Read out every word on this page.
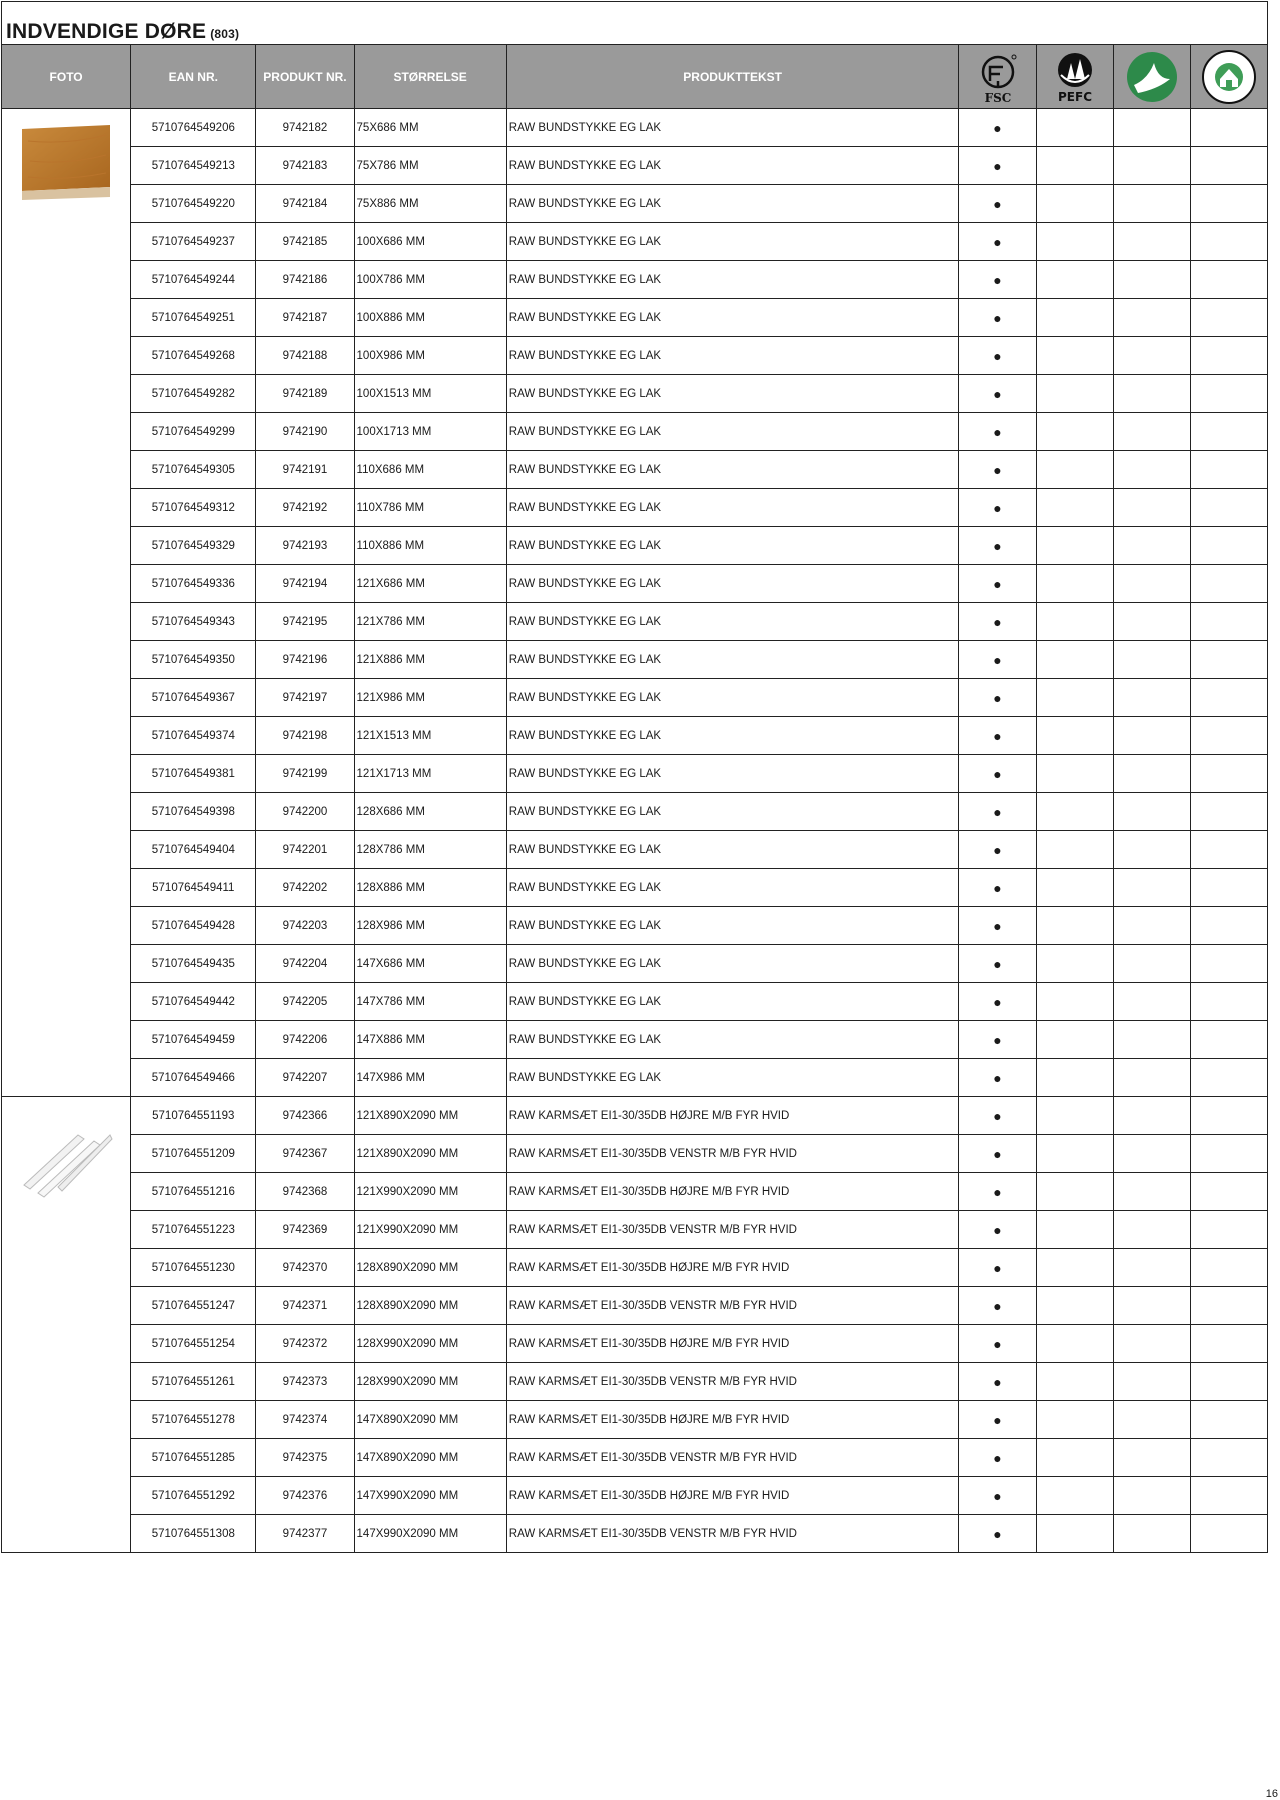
INDVENDIGE DØRE (803)
FOTO	EAN NR.	PRODUKT NR.	STØRRELSE	PRODUKTTEKST	FSC	PEFC

	5710764549206	9742182	75X686 MM	RAW BUNDSTYKKE EG LAK	●			
	5710764549213	9742183	75X786 MM	RAW BUNDSTYKKE EG LAK	●			
	5710764549220	9742184	75X886 MM	RAW BUNDSTYKKE EG LAK	●			
	5710764549237	9742185	100X686 MM	RAW BUNDSTYKKE EG LAK	●			
	5710764549244	9742186	100X786 MM	RAW BUNDSTYKKE EG LAK	●			
	5710764549251	9742187	100X886 MM	RAW BUNDSTYKKE EG LAK	●			
	5710764549268	9742188	100X986 MM	RAW BUNDSTYKKE EG LAK	●			
	5710764549282	9742189	100X1513 MM	RAW BUNDSTYKKE EG LAK	●			
	5710764549299	9742190	100X1713 MM	RAW BUNDSTYKKE EG LAK	●			
	5710764549305	9742191	110X686 MM	RAW BUNDSTYKKE EG LAK	●			
	5710764549312	9742192	110X786 MM	RAW BUNDSTYKKE EG LAK	●			
	5710764549329	9742193	110X886 MM	RAW BUNDSTYKKE EG LAK	●			
	5710764549336	9742194	121X686 MM	RAW BUNDSTYKKE EG LAK	●			
	5710764549343	9742195	121X786 MM	RAW BUNDSTYKKE EG LAK	●			
	5710764549350	9742196	121X886 MM	RAW BUNDSTYKKE EG LAK	●			
	5710764549367	9742197	121X986 MM	RAW BUNDSTYKKE EG LAK	●			
	5710764549374	9742198	121X1513 MM	RAW BUNDSTYKKE EG LAK	●			
	5710764549381	9742199	121X1713 MM	RAW BUNDSTYKKE EG LAK	●			
	5710764549398	9742200	128X686 MM	RAW BUNDSTYKKE EG LAK	●			
	5710764549404	9742201	128X786 MM	RAW BUNDSTYKKE EG LAK	●			
	5710764549411	9742202	128X886 MM	RAW BUNDSTYKKE EG LAK	●			
	5710764549428	9742203	128X986 MM	RAW BUNDSTYKKE EG LAK	●			
	5710764549435	9742204	147X686 MM	RAW BUNDSTYKKE EG LAK	●			
	5710764549442	9742205	147X786 MM	RAW BUNDSTYKKE EG LAK	●			
	5710764549459	9742206	147X886 MM	RAW BUNDSTYKKE EG LAK	●			
	5710764549466	9742207	147X986 MM	RAW BUNDSTYKKE EG LAK	●			

	5710764551193	9742366	121X890X2090 MM	RAW KARMSÆT EI1-30/35DB HØJRE M/B FYR HVID	●			
	5710764551209	9742367	121X890X2090 MM	RAW KARMSÆT EI1-30/35DB VENSTR M/B FYR HVID	●			
	5710764551216	9742368	121X990X2090 MM	RAW KARMSÆT EI1-30/35DB HØJRE M/B FYR HVID	●			
	5710764551223	9742369	121X990X2090 MM	RAW KARMSÆT EI1-30/35DB VENSTR M/B FYR HVID	●			
	5710764551230	9742370	128X890X2090 MM	RAW KARMSÆT EI1-30/35DB HØJRE M/B FYR HVID	●			
	5710764551247	9742371	128X890X2090 MM	RAW KARMSÆT EI1-30/35DB VENSTR M/B FYR HVID	●			
	5710764551254	9742372	128X990X2090 MM	RAW KARMSÆT EI1-30/35DB HØJRE M/B FYR HVID	●			
	5710764551261	9742373	128X990X2090 MM	RAW KARMSÆT EI1-30/35DB VENSTR M/B FYR HVID	●			
	5710764551278	9742374	147X890X2090 MM	RAW KARMSÆT EI1-30/35DB HØJRE M/B FYR HVID	●			
	5710764551285	9742375	147X890X2090 MM	RAW KARMSÆT EI1-30/35DB VENSTR M/B FYR HVID	●			
	5710764551292	9742376	147X990X2090 MM	RAW KARMSÆT EI1-30/35DB HØJRE M/B FYR HVID	●			
	5710764551308	9742377	147X990X2090 MM	RAW KARMSÆT EI1-30/35DB VENSTR M/B FYR HVID	●			
16
